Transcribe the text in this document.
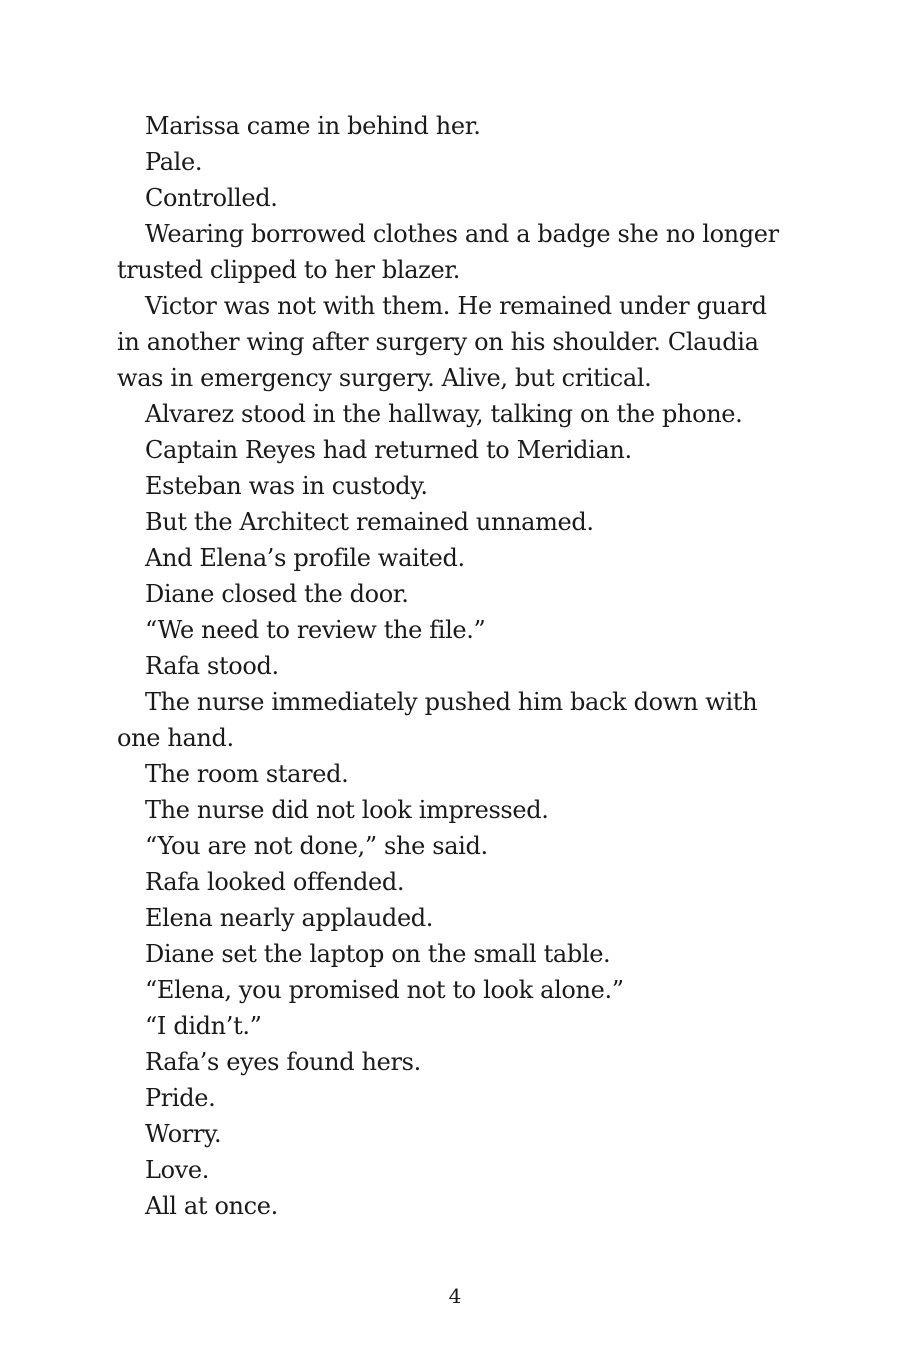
Marissa came in behind her.

Pale.

Controlled.

Wearing borrowed clothes and a badge she no longer trusted clipped to her blazer.

Victor was not with them. He remained under guard in another wing after surgery on his shoulder. Claudia was in emergency surgery. Alive, but critical.

Alvarez stood in the hallway, talking on the phone.

Captain Reyes had returned to Meridian.

Esteban was in custody.

But the Architect remained unnamed.

And Elena’s profile waited.

Diane closed the door.

“We need to review the file.”

Rafa stood.

The nurse immediately pushed him back down with one hand.

The room stared.

The nurse did not look impressed.

“You are not done,” she said.

Rafa looked offended.

Elena nearly applauded.

Diane set the laptop on the small table.

“Elena, you promised not to look alone.”

“I didn’t.”

Rafa’s eyes found hers.

Pride.

Worry.

Love.

All at once.

4
